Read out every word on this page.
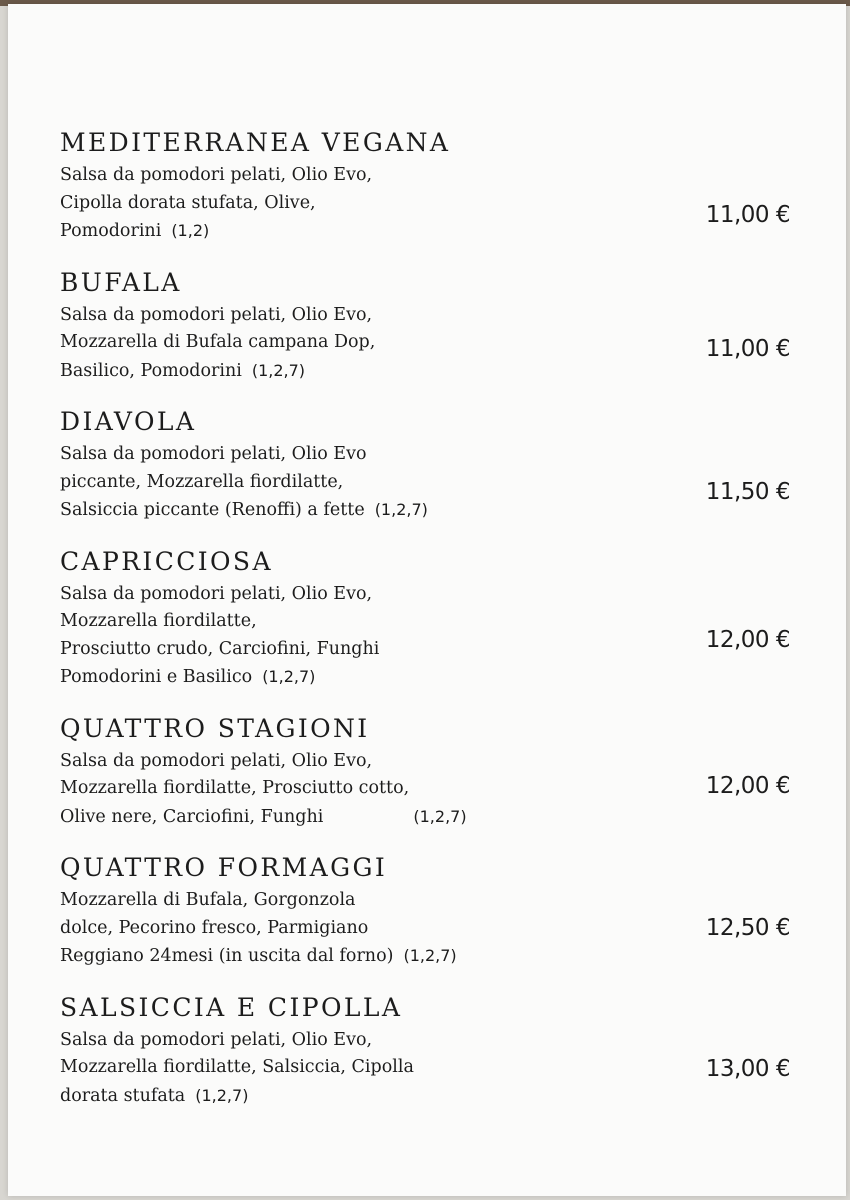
MEDITERRANEA VEGANA
Salsa da pomodori pelati, Olio Evo,
Cipolla dorata stufata, Olive,
Pomodorini (1,2)
11,00 €
BUFALA
Salsa da pomodori pelati, Olio Evo,
Mozzarella di Bufala campana Dop,
Basilico, Pomodorini (1,2,7)
11,00 €
DIAVOLA
Salsa da pomodori pelati, Olio Evo
piccante, Mozzarella fiordilatte,
Salsiccia piccante (Renoffi) a fette (1,2,7)
11,50 €
CAPRICCIOSA
Salsa da pomodori pelati, Olio Evo,
Mozzarella fiordilatte,
Prosciutto crudo, Carciofini, Funghi
Pomodorini e Basilico (1,2,7)
12,00 €
QUATTRO STAGIONI
Salsa da pomodori pelati, Olio Evo,
Mozzarella fiordilatte, Prosciutto cotto,
Olive nere, Carciofini, Funghi	(1,2,7)
12,00 €
QUATTRO FORMAGGI
Mozzarella di Bufala, Gorgonzola
dolce, Pecorino fresco, Parmigiano
Reggiano 24mesi (in uscita dal forno) (1,2,7)
12,50 €
SALSICCIA E CIPOLLA
Salsa da pomodori pelati, Olio Evo,
Mozzarella fiordilatte, Salsiccia, Cipolla
dorata stufata (1,2,7)
13,00 €
